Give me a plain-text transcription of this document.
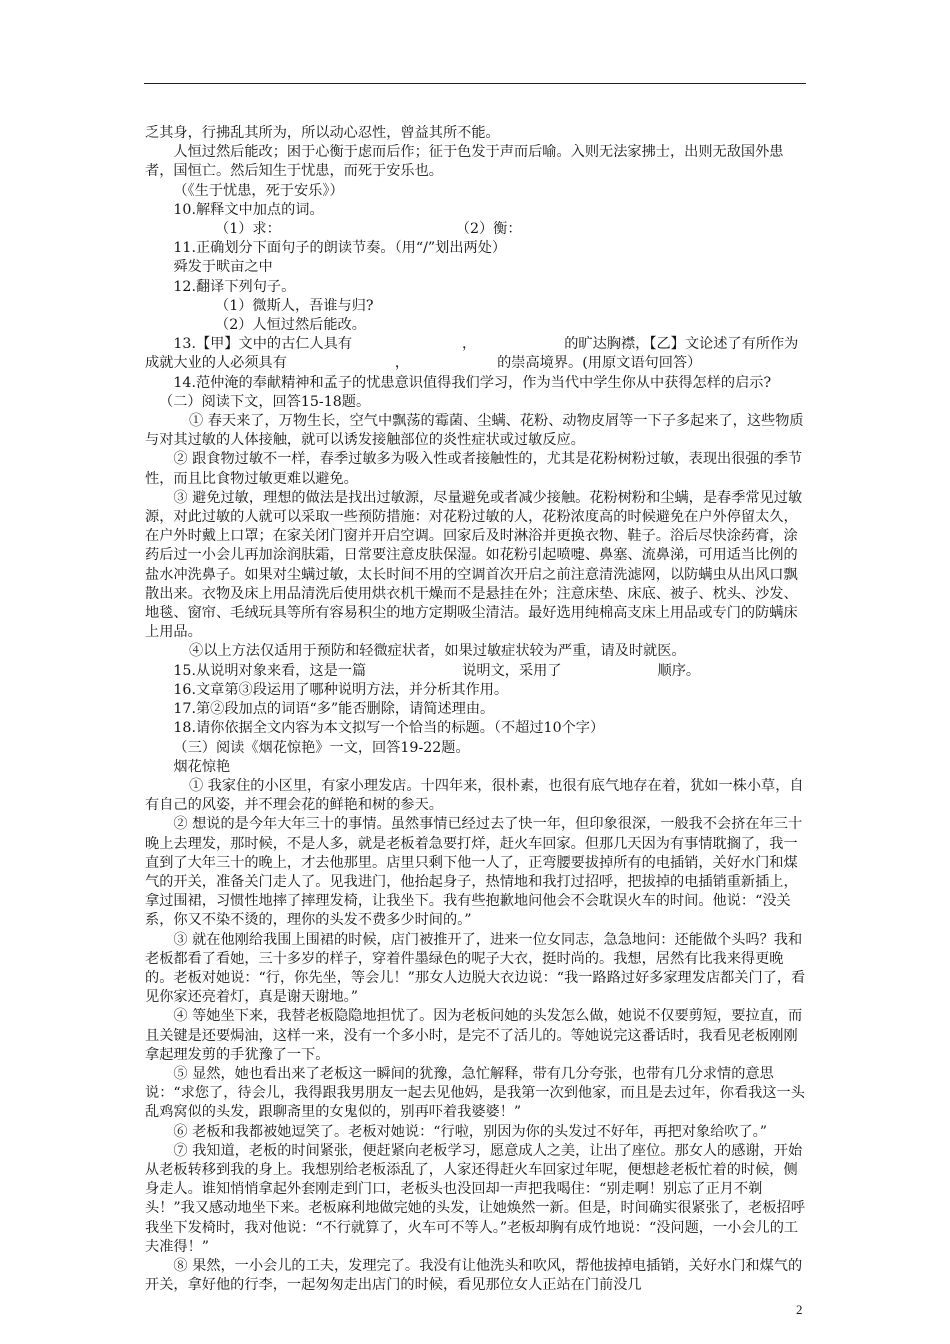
乏其身，行拂乱其所为，所以动心忍性，曾益其所不能。

人恒过然后能改；困于心衡于虑而后作；征于色发于声而后喻。入则无法家拂士，出则无敌国外患者，国恒亡。然后知生于忧患，而死于安乐也。

（《生于忧患，死于安乐》）

10.解释文中加点的词。

（1）求：	（2）衡：

11.正确划分下面句子的朗读节奏。（用“/”划出两处）

舜发于畎亩之中

12.翻译下列句子。

（1）微斯人，吾谁与归?

（2）人恒过然后能改。

13.【甲】文中的古仁人具有	，	的旷达胸襟，【乙】文论述了有所作为成就大业的人必须具有	，	的崇高境界。(用原文语句回答）

14.范仲淹的奉献精神和孟子的忧患意识值得我们学习，作为当代中学生你从中获得怎样的启示?

（二）阅读下文，回答15-18题。

① 春天来了，万物生长，空气中飘荡的霉菌、尘螨、花粉、动物皮屑等一下子多起来了，这些物质与对其过敏的人体接触，就可以诱发接触部位的炎性症状或过敏反应。

② 跟食物过敏不一样，春季过敏多为吸入性或者接触性的，尤其是花粉树粉过敏，表现出很强的季节性，而且比食物过敏更难以避免。

③ 避免过敏，理想的做法是找出过敏源，尽量避免或者减少接触。花粉树粉和尘螨，是春季常见过敏源，对此过敏的人就可以采取一些预防措施：对花粉过敏的人，花粉浓度高的时候避免在户外停留太久，在户外时戴上口罩；在家关闭门窗并开启空调。回家后及时淋浴并更换衣物、鞋子。浴后尽快涂药膏，涂药后过一小会儿再加涂润肤霜，日常要注意皮肤保湿。如花粉引起喷嚏、鼻塞、流鼻涕，可用适当比例的盐水冲洗鼻子。如果对尘螨过敏，太长时间不用的空调首次开启之前注意清洗滤网，以防螨虫从出风口飘散出来。衣物及床上用品清洗后使用烘衣机干燥而不是悬挂在外；注意床垫、床底、被子、枕头、沙发、地毯、窗帘、毛绒玩具等所有容易积尘的地方定期吸尘清洁。最好选用纯棉高支床上用品或专门的防螨床上用品。

④以上方法仅适用于预防和轻微症状者，如果过敏症状较为严重，请及时就医。

15.从说明对象来看，这是一篇	说明文，采用了	顺序。

16.文章第③段运用了哪种说明方法，并分析其作用。

17.第②段加点的词语“多”能否删除，请简述理由。

18.请你依据全文内容为本文拟写一个恰当的标题。（不超过10个字）

（三）阅读《烟花惊艳》一文，回答19-22题。

烟花惊艳

① 我家住的小区里，有家小理发店。十四年来，很朴素，也很有底气地存在着，犹如一株小草，自有自己的风姿，并不理会花的鲜艳和树的参天。

② 想说的是今年大年三十的事情。虽然事情已经过去了快一年，但印象很深，一般我不会挤在年三十晚上去理发，那时候，不是人多，就是老板着急要打烊，赶火车回家。但那几天因为有事情耽搁了，我一直到了大年三十的晚上，才去他那里。店里只剩下他一人了，正弯腰要拔掉所有的电插销，关好水门和煤气的开关，准备关门走人了。见我进门，他抬起身子，热情地和我打过招呼，把拔掉的电插销重新插上，拿过围裙，习惯性地摔了摔理发椅，让我坐下。我有些抱歉地问他会不会耽误火车的时间。他说：“没关系，你又不染不烫的，理你的头发不费多少时间的。”

③ 就在他刚给我围上围裙的时候，店门被推开了，进来一位女同志，急急地问：还能做个头吗？我和老板都看了看她，三十多岁的样子，穿着件墨绿色的呢子大衣，挺时尚的。我想，居然有比我来得更晚的。老板对她说：“行，你先坐，等会儿！”那女人边脱大衣边说：“我一路路过好多家理发店都关门了，看见你家还亮着灯，真是谢天谢地。”

④ 等她坐下来，我替老板隐隐地担忧了。因为老板问她的头发怎么做，她说不仅要剪短，要拉直，而且关键是还要焗油，这样一来，没有一个多小时，是完不了活儿的。等她说完这番话时，我看见老板刚刚拿起理发剪的手犹豫了一下。

⑤ 显然，她也看出来了老板这一瞬间的犹豫，急忙解释，带有几分夸张，也带有几分求情的意思说：“求您了，待会儿，我得跟我男朋友一起去见他妈，是我第一次到他家，而且是去过年，你看我这一头乱鸡窝似的头发，跟聊斋里的女鬼似的，别再吓着我婆婆！”

⑥ 老板和我都被她逗笑了。老板对她说：“行啦，别因为你的头发过不好年，再把对象给吹了。”

⑦ 我知道，老板的时间紧张，便赶紧向老板学习，愿意成人之美，让出了座位。那女人的感谢，开始从老板转移到我的身上。我想别给老板添乱了，人家还得赶火车回家过年呢，便想趁老板忙着的时候，侧身走人。谁知悄悄拿起外套刚走到门口，老板头也没回却一声把我喝住：“别走啊！别忘了正月不剃头！”我又感动地坐下来。老板麻利地做完她的头发，让她焕然一新。但是，时间确实很紧张了，老板招呼我坐下发椅时，我对他说：“不行就算了，火车可不等人。”老板却胸有成竹地说：“没问题，一小会儿的工夫准得！”

⑧ 果然，一小会儿的工夫，发理完了。我没有让他洗头和吹风，帮他拔掉电插销，关好水门和煤气的开关，拿好他的行李，一起匆匆走出店门的时候，看见那位女人正站在门前没几

2
